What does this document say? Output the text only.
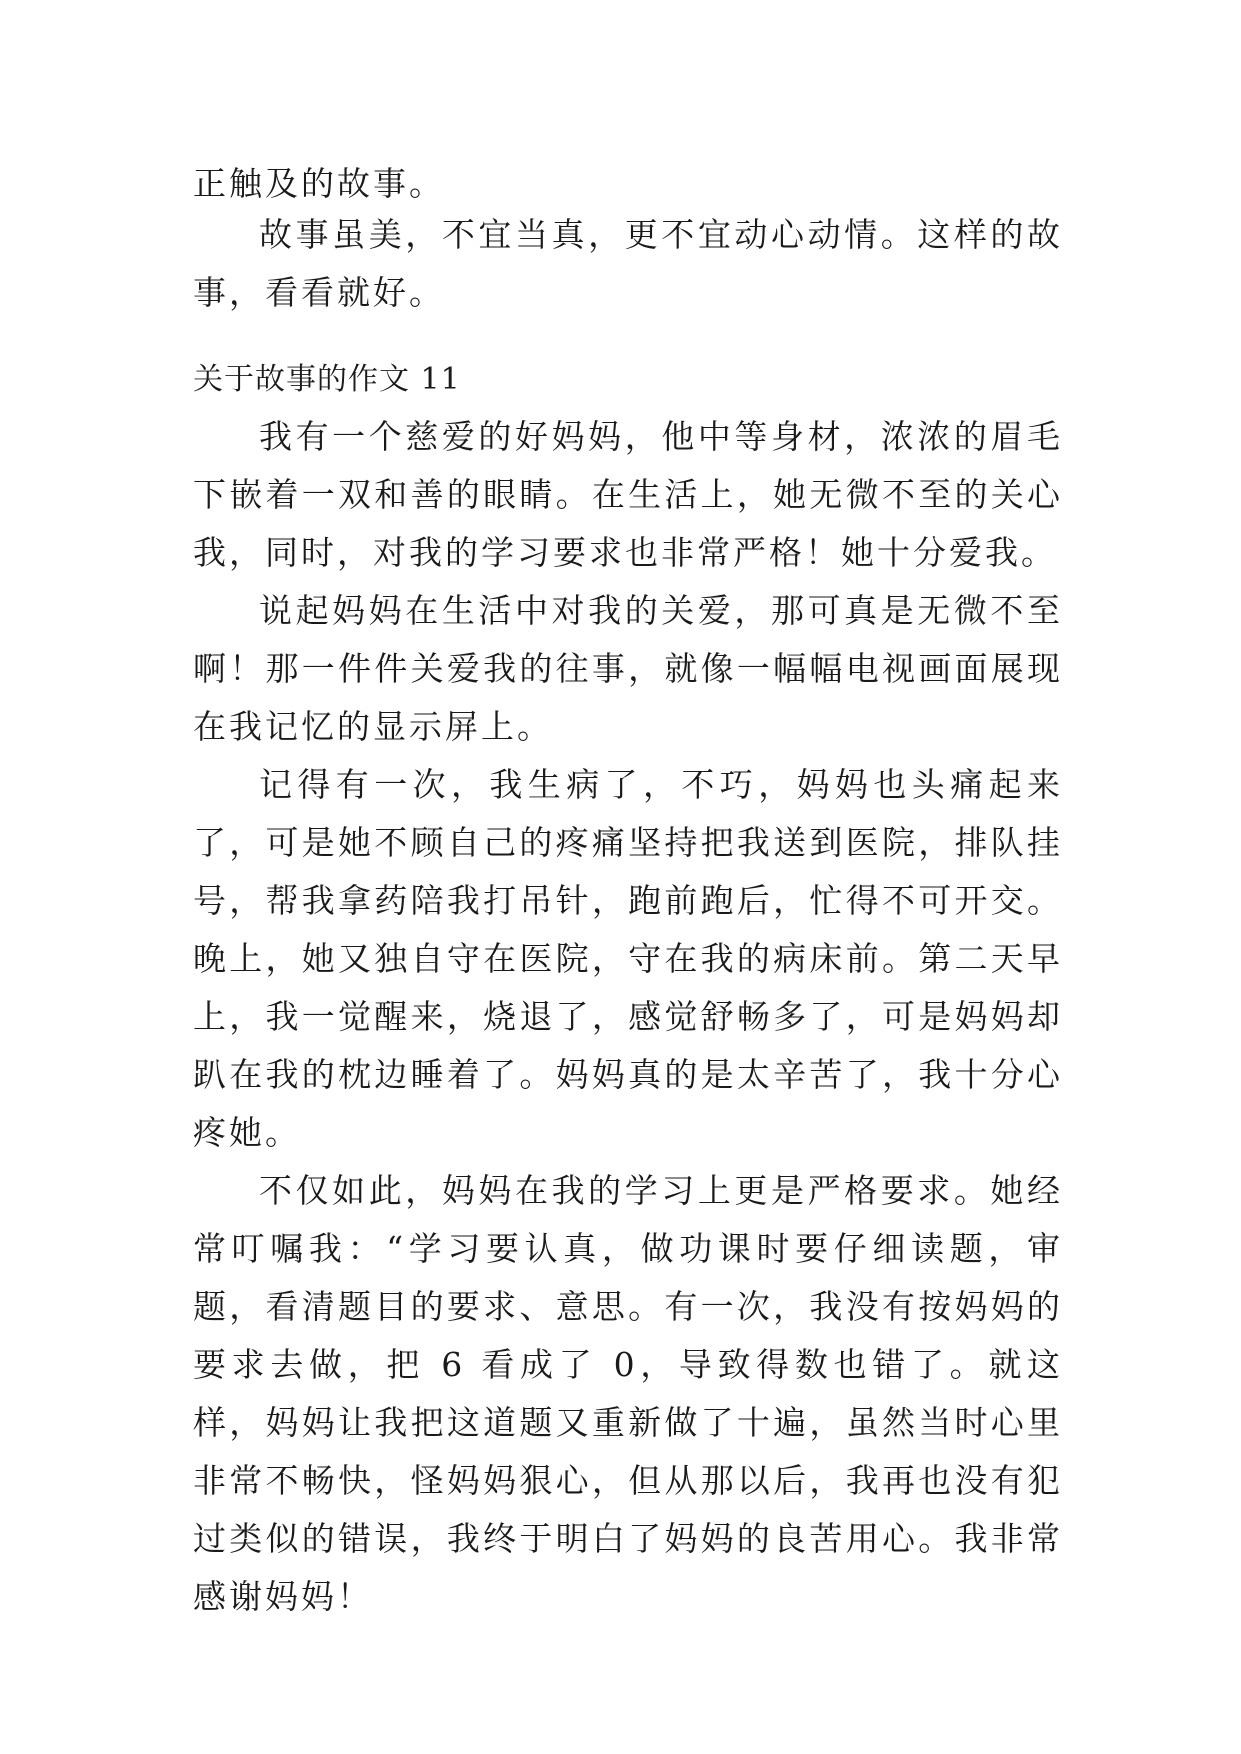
正触及的故事。

故事虽美，不宜当真，更不宜动心动情。这样的故事，看看就好。

关于故事的作文 11

我有一个慈爱的好妈妈，他中等身材，浓浓的眉毛下嵌着一双和善的眼睛。在生活上，她无微不至的关心我，同时，对我的学习要求也非常严格！她十分爱我。

说起妈妈在生活中对我的关爱，那可真是无微不至啊！那一件件关爱我的往事，就像一幅幅电视画面展现在我记忆的显示屏上。

记得有一次，我生病了，不巧，妈妈也头痛起来了，可是她不顾自己的疼痛坚持把我送到医院，排队挂号，帮我拿药陪我打吊针，跑前跑后，忙得不可开交。晚上，她又独自守在医院，守在我的病床前。第二天早上，我一觉醒来，烧退了，感觉舒畅多了，可是妈妈却趴在我的枕边睡着了。妈妈真的是太辛苦了，我十分心疼她。

不仅如此，妈妈在我的学习上更是严格要求。她经常叮嘱我：“学习要认真，做功课时要仔细读题，审题，看清题目的要求、意思。有一次，我没有按妈妈的要求去做，把 6 看成了 0，导致得数也错了。就这样，妈妈让我把这道题又重新做了十遍，虽然当时心里非常不畅快，怪妈妈狠心，但从那以后，我再也没有犯过类似的错误，我终于明白了妈妈的良苦用心。我非常感谢妈妈！
